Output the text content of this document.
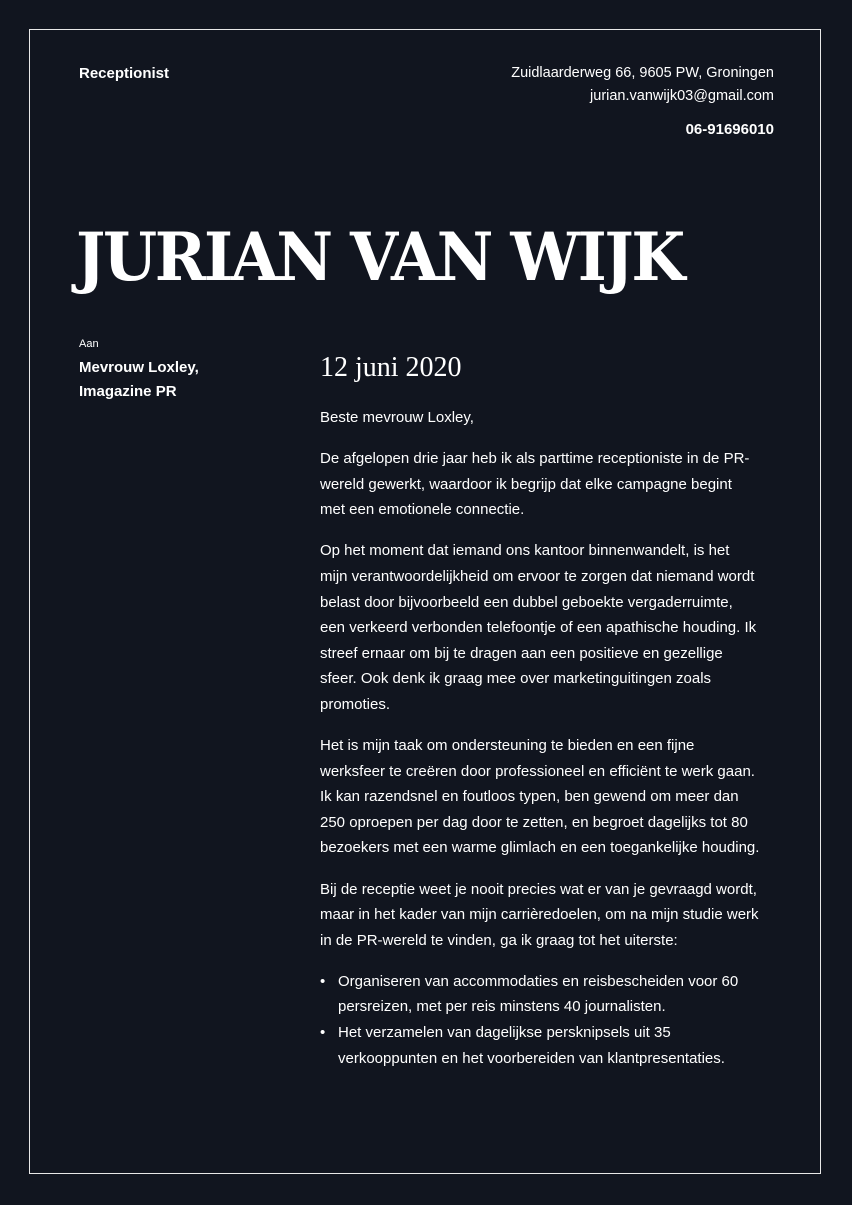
Receptionist	Zuidlaarderweg 66, 9605 PW, Groningen
jurian.vanwijk03@gmail.com
06-91696010
JURIAN VAN WIJK
Aan
Mevrouw Loxley,
Imagazine PR
12 juni 2020

Beste mevrouw Loxley,

De afgelopen drie jaar heb ik als parttime receptioniste in de PR-wereld gewerkt, waardoor ik begrijp dat elke campagne begint met een emotionele connectie.

Op het moment dat iemand ons kantoor binnenwandelt, is het mijn verantwoordelijkheid om ervoor te zorgen dat niemand wordt belast door bijvoorbeeld een dubbel geboekte vergaderruimte, een verkeerd verbonden telefoontje of een apathische houding. Ik streef ernaar om bij te dragen aan een positieve en gezellige sfeer. Ook denk ik graag mee over marketinguitingen zoals promoties.

Het is mijn taak om ondersteuning te bieden en een fijne werksfeer te creëren door professioneel en efficiënt te werk gaan. Ik kan razendsnel en foutloos typen, ben gewend om meer dan 250 oproepen per dag door te zetten, en begroet dagelijks tot 80 bezoekers met een warme glimlach en een toegankelijke houding.

Bij de receptie weet je nooit precies wat er van je gevraagd wordt, maar in het kader van mijn carrièredoelen, om na mijn studie werk in de PR-wereld te vinden, ga ik graag tot het uiterste:

• Organiseren van accommodaties en reisbescheiden voor 60 persreizen, met per reis minstens 40 journalisten.
• Het verzamelen van dagelijkse persknipsels uit 35 verkooppunten en het voorbereiden van klantpresentaties.
